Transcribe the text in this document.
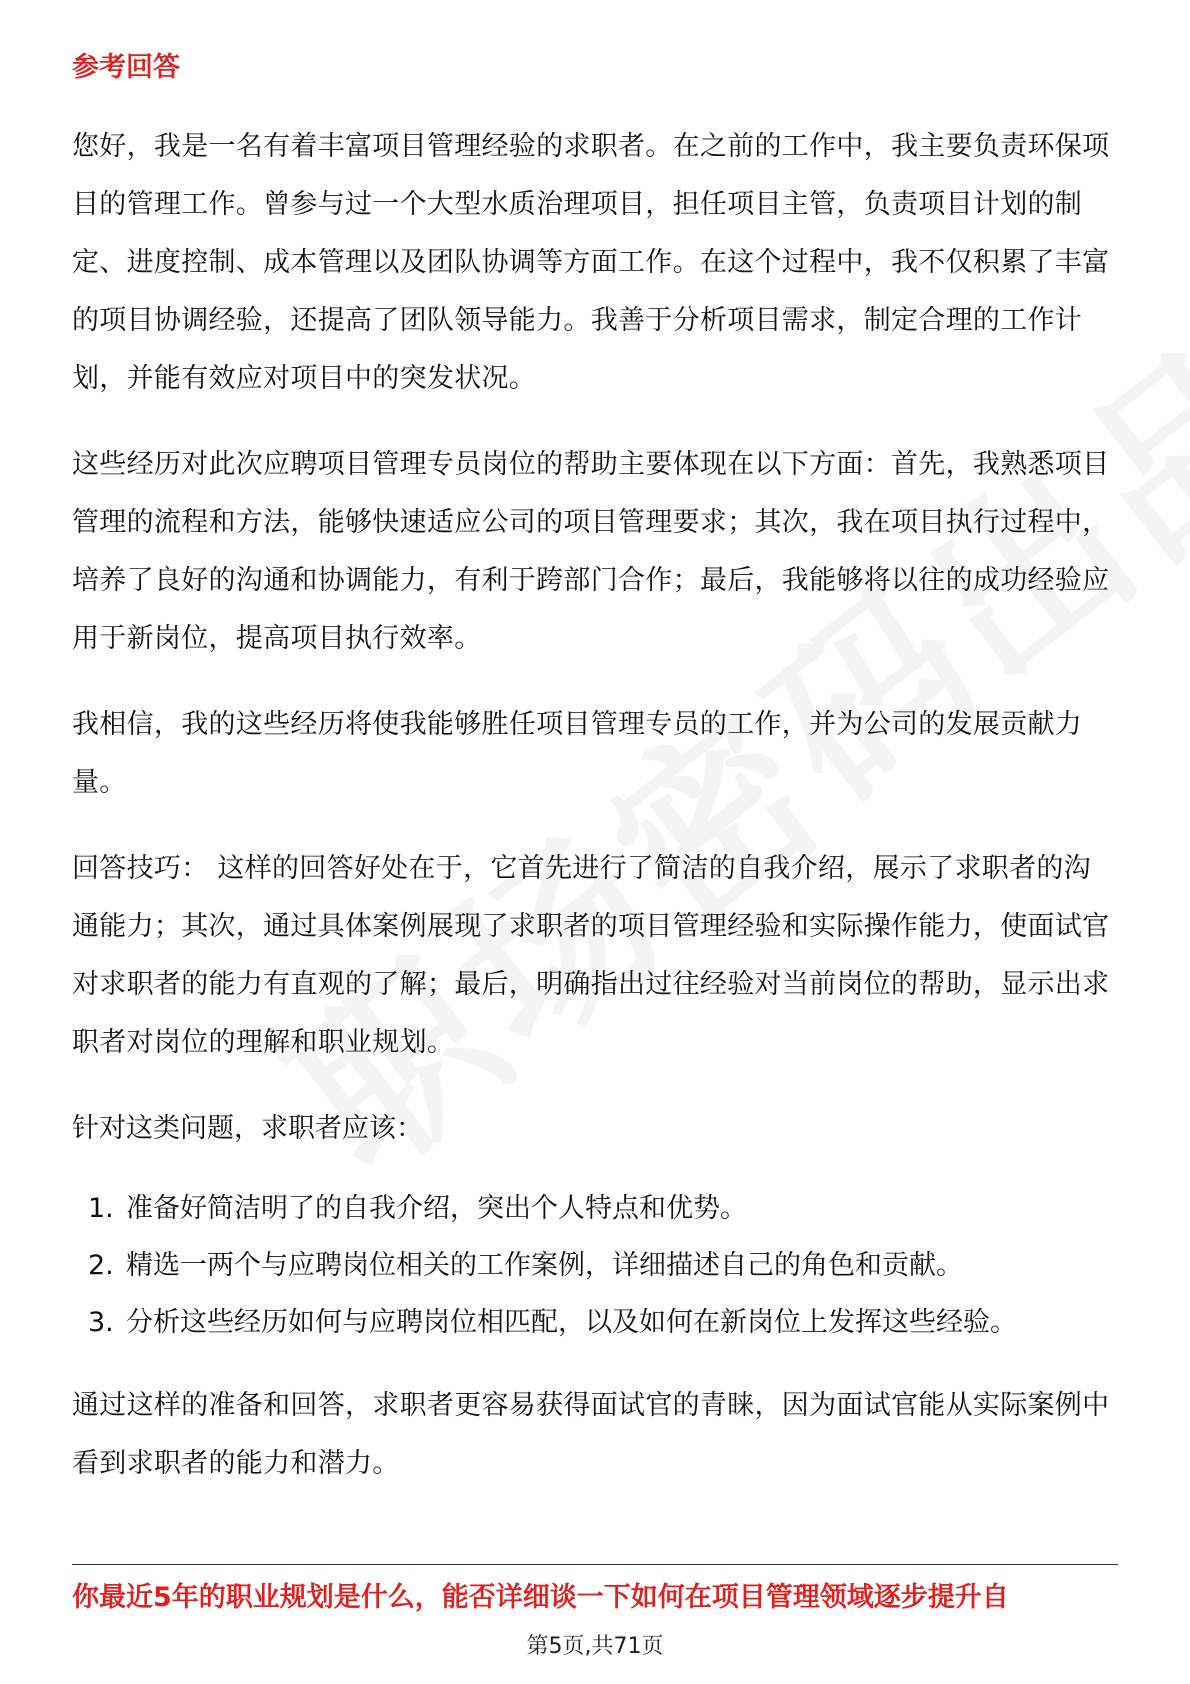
参考回答

您好，我是一名有着丰富项目管理经验的求职者。在之前的工作中，我主要负责环保项目的管理工作。曾参与过一个大型水质治理项目，担任项目主管，负责项目计划的制定、进度控制、成本管理以及团队协调等方面工作。在这个过程中，我不仅积累了丰富的项目协调经验，还提高了团队领导能力。我善于分析项目需求，制定合理的工作计划，并能有效应对项目中的突发状况。

这些经历对此次应聘项目管理专员岗位的帮助主要体现在以下方面：首先，我熟悉项目管理的流程和方法，能够快速适应公司的项目管理要求；其次，我在项目执行过程中，培养了良好的沟通和协调能力，有利于跨部门合作；最后，我能够将以往的成功经验应用于新岗位，提高项目执行效率。

我相信，我的这些经历将使我能够胜任项目管理专员的工作，并为公司的发展贡献力量。

回答技巧： 这样的回答好处在于，它首先进行了简洁的自我介绍，展示了求职者的沟通能力；其次，通过具体案例展现了求职者的项目管理经验和实际操作能力，使面试官对求职者的能力有直观的了解；最后，明确指出过往经验对当前岗位的帮助，显示出求职者对岗位的理解和职业规划。

针对这类问题，求职者应该：

1. 准备好简洁明了的自我介绍，突出个人特点和优势。
2. 精选一两个与应聘岗位相关的工作案例，详细描述自己的角色和贡献。
3. 分析这些经历如何与应聘岗位相匹配，以及如何在新岗位上发挥这些经验。

通过这样的准备和回答，求职者更容易获得面试官的青睐，因为面试官能从实际案例中看到求职者的能力和潜力。

你最近5年的职业规划是什么，能否详细谈一下如何在项目管理领域逐步提升自
第5页,共71页
